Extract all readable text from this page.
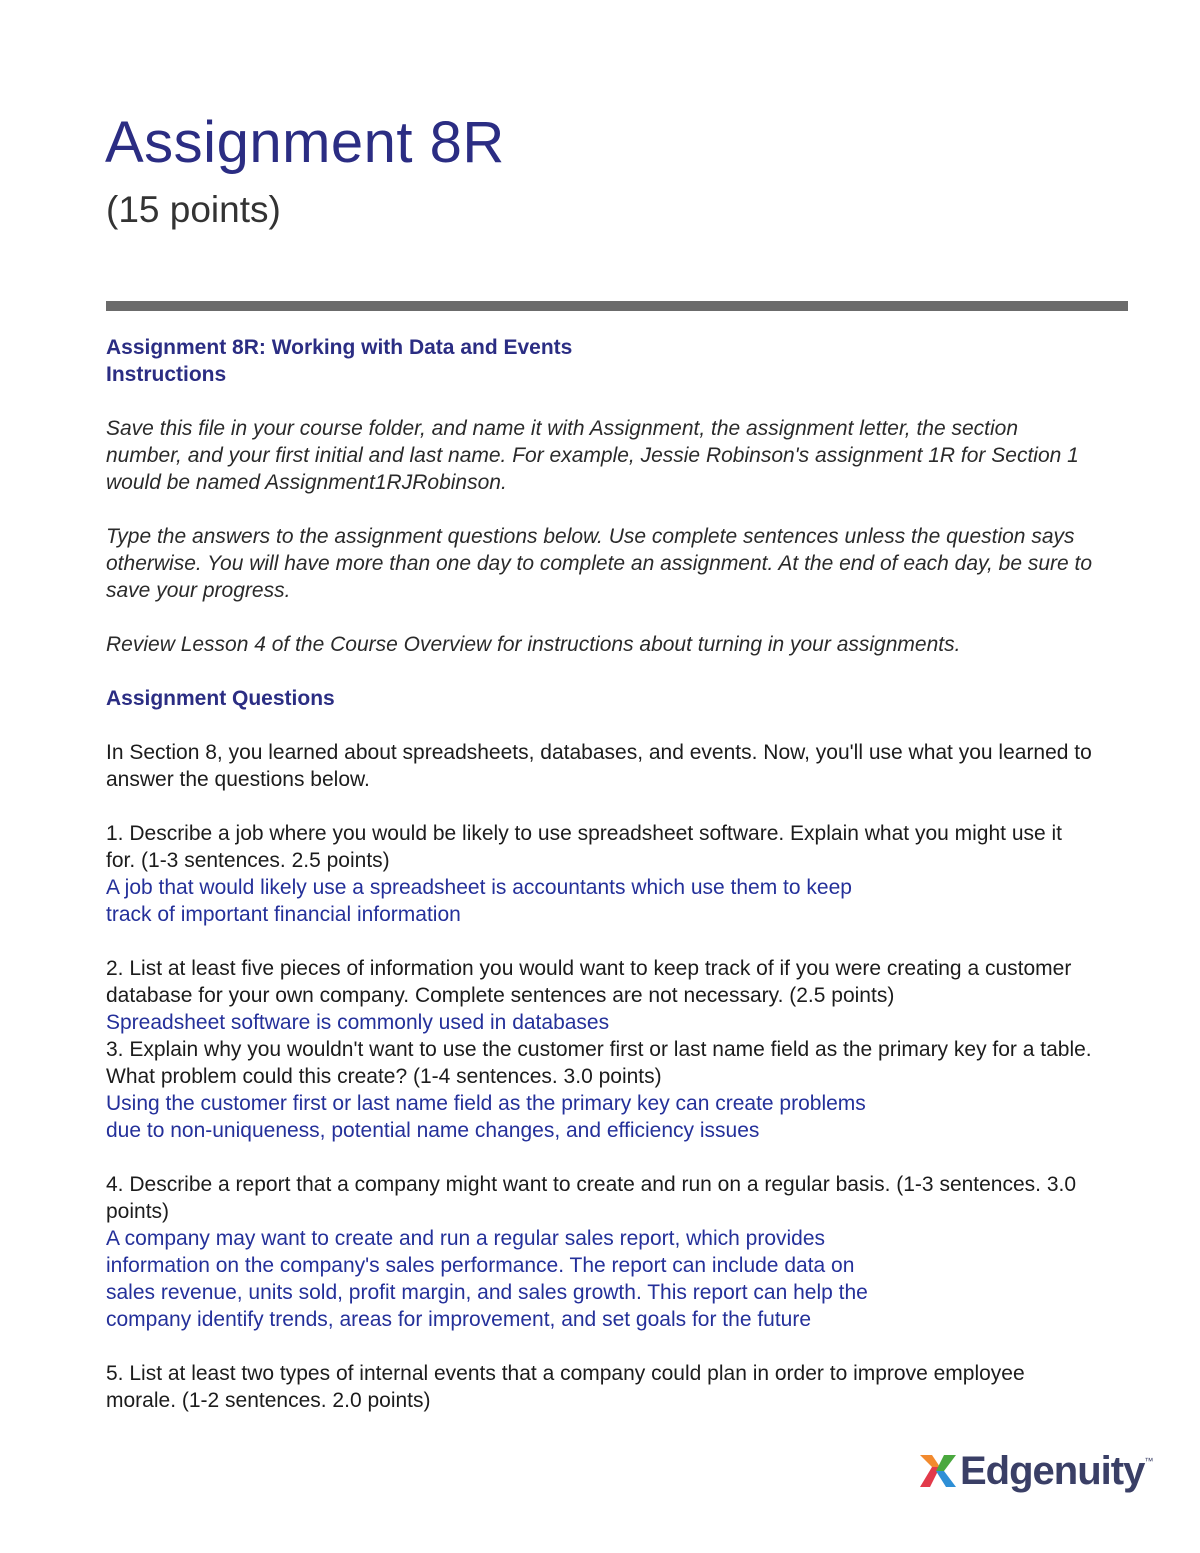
Assignment 8R
(15 points)

Assignment 8R: Working with Data and Events

Instructions

Save this file in your course folder, and name it with Assignment, the assignment letter, the section number, and your first initial and last name. For example, Jessie Robinson's assignment 1R for Section 1 would be named Assignment1RJRobinson.

Type the answers to the assignment questions below. Use complete sentences unless the question says otherwise. You will have more than one day to complete an assignment. At the end of each day, be sure to save your progress.

Review Lesson 4 of the Course Overview for instructions about turning in your assignments.

Assignment Questions

In Section 8, you learned about spreadsheets, databases, and events. Now, you'll use what you learned to answer the questions below.

1. Describe a job where you would be likely to use spreadsheet software. Explain what you might use it for. (1-3 sentences. 2.5 points)

A job that would likely use a spreadsheet is accountants which use them to keep

track of important financial information

2. List at least five pieces of information you would want to keep track of if you were creating a customer database for your own company. Complete sentences are not necessary. (2.5 points)

Spreadsheet software is commonly used in databases

3. Explain why you wouldn't want to use the customer first or last name field as the primary key for a table. What problem could this create? (1-4 sentences. 3.0 points)

Using the customer first or last name field as the primary key can create problems

due to non-uniqueness, potential name changes, and efficiency issues

4. Describe a report that a company might want to create and run on a regular basis. (1-3 sentences. 3.0 points)

A company may want to create and run a regular sales report, which provides

information on the company's sales performance. The report can include data on

sales revenue, units sold, profit margin, and sales growth. This report can help the

company identify trends, areas for improvement, and set goals for the future

5. List at least two types of internal events that a company could plan in order to improve employee morale. (1-2 sentences. 2.0 points)

Edgenuity ™
